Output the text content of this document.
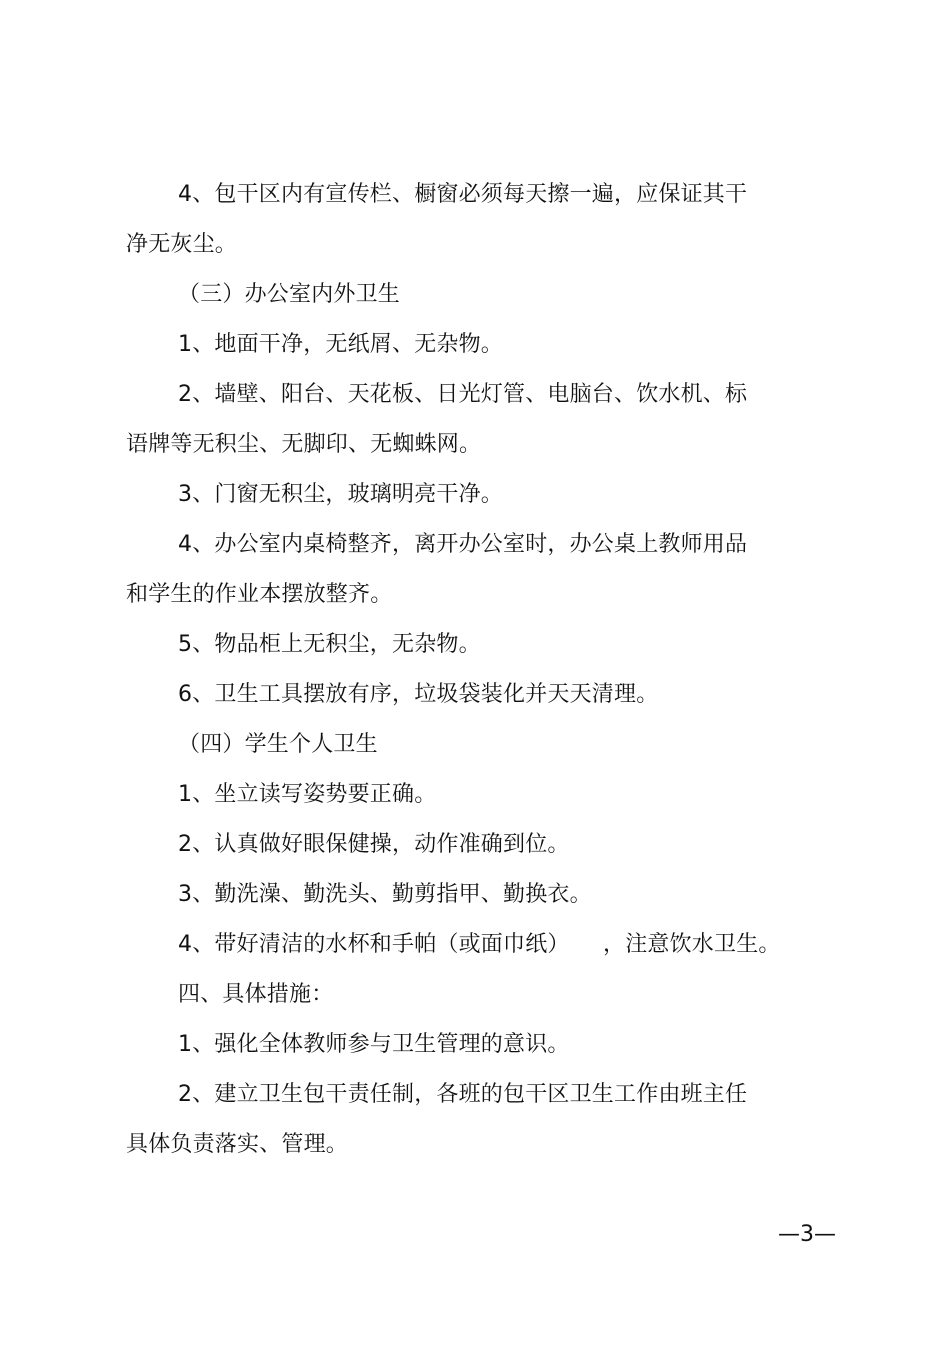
4、包干区内有宣传栏、橱窗必须每天擦一遍，应保证其干
净无灰尘。
（三）办公室内外卫生
1、地面干净，无纸屑、无杂物。
2、墙壁、阳台、天花板、日光灯管、电脑台、饮水机、标
语牌等无积尘、无脚印、无蜘蛛网。
3、门窗无积尘，玻璃明亮干净。
4、办公室内桌椅整齐，离开办公室时，办公桌上教师用品
和学生的作业本摆放整齐。
5、物品柜上无积尘，无杂物。
6、卫生工具摆放有序，垃圾袋装化并天天清理。
（四）学生个人卫生
1、坐立读写姿势要正确。
2、认真做好眼保健操，动作准确到位。
3、勤洗澡、勤洗头、勤剪指甲、勤换衣。
4、带好清洁的水杯和手帕（或面巾纸）　　，注意饮水卫生。
四、具体措施：
1、强化全体教师参与卫生管理的意识。
2、建立卫生包干责任制，各班的包干区卫生工作由班主任
具体负责落实、管理。
—3—
